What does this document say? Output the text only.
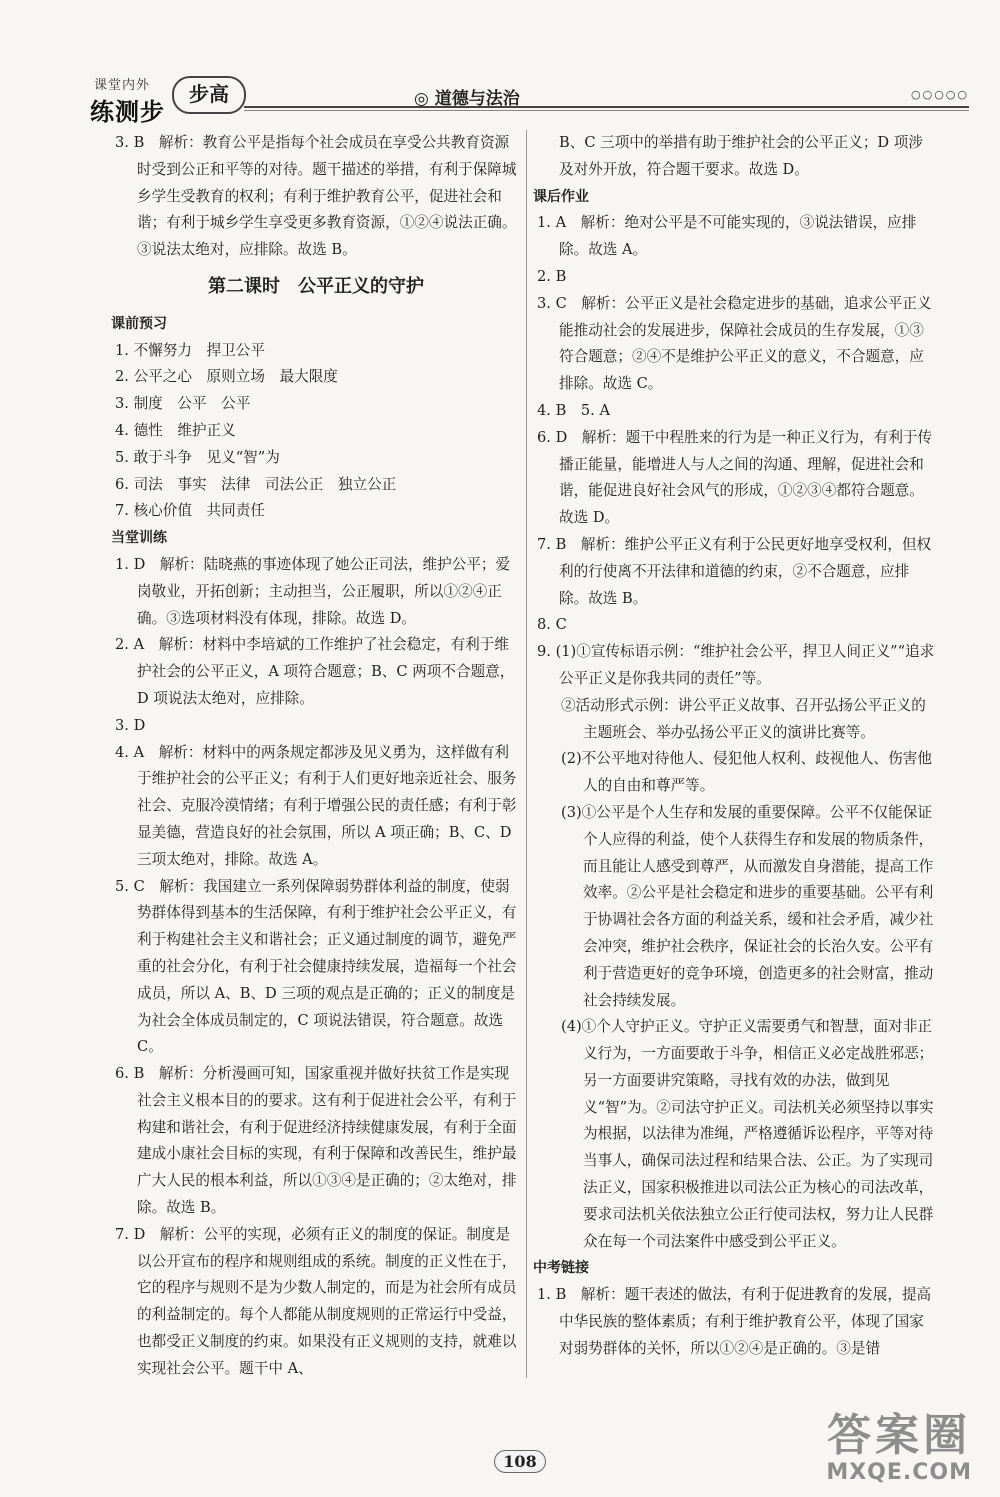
课堂内外
练测步
步高	◎ 道德与法治	○○○○○

3. B　解析：教育公平是指每个社会成员在享受公共教育资源时受到公正和平等的对待。题干描述的举措，有利于保障城乡学生受教育的权利；有利于维护教育公平，促进社会和谐；有利于城乡学生享受更多教育资源，①②④说法正确。③说法太绝对，应排除。故选 B。

第二课时　公平正义的守护

课前预习

1. 不懈努力　捍卫公平

2. 公平之心　原则立场　最大限度

3. 制度　公平　公平

4. 德性　维护正义

5. 敢于斗争　见义“智”为

6. 司法　事实　法律　司法公正　独立公正

7. 核心价值　共同责任

当堂训练

1. D　解析：陆晓燕的事迹体现了她公正司法，维护公平；爱岗敬业，开拓创新；主动担当，公正履职，所以①②④正确。③选项材料没有体现，排除。故选 D。

2. A　解析：材料中李培斌的工作维护了社会稳定，有利于维护社会的公平正义，A 项符合题意；B、C 两项不合题意，D 项说法太绝对，应排除。

3. D

4. A　解析：材料中的两条规定都涉及见义勇为，这样做有利于维护社会的公平正义；有利于人们更好地亲近社会、服务社会、克服冷漠情绪；有利于增强公民的责任感；有利于彰显美德，营造良好的社会氛围，所以 A 项正确；B、C、D 三项太绝对，排除。故选 A。

5. C　解析：我国建立一系列保障弱势群体利益的制度，使弱势群体得到基本的生活保障，有利于维护社会公平正义，有利于构建社会主义和谐社会；正义通过制度的调节，避免严重的社会分化，有利于社会健康持续发展，造福每一个社会成员，所以 A、B、D 三项的观点是正确的；正义的制度是为社会全体成员制定的，C 项说法错误，符合题意。故选 C。

6. B　解析：分析漫画可知，国家重视并做好扶贫工作是实现社会主义根本目的的要求。这有利于促进社会公平，有利于构建和谐社会，有利于促进经济持续健康发展，有利于全面建成小康社会目标的实现，有利于保障和改善民生，维护最广大人民的根本利益，所以①③④是正确的；②太绝对，排除。故选 B。

7. D　解析：公平的实现，必须有正义的制度的保证。制度是以公开宣布的程序和规则组成的系统。制度的正义性在于，它的程序与规则不是为少数人制定的，而是为社会所有成员的利益制定的。每个人都能从制度规则的正常运行中受益，也都受正义制度的约束。如果没有正义规则的支持，就难以实现社会公平。题干中 A、

B、C 三项中的举措有助于维护社会的公平正义；D 项涉及对外开放，符合题干要求。故选 D。

课后作业

1. A　解析：绝对公平是不可能实现的，③说法错误，应排除。故选 A。

2. B

3. C　解析：公平正义是社会稳定进步的基础，追求公平正义能推动社会的发展进步，保障社会成员的生存发展，①③符合题意；②④不是维护公平正义的意义，不合题意，应排除。故选 C。

4. B　5. A

6. D　解析：题干中程胜来的行为是一种正义行为，有利于传播正能量，能增进人与人之间的沟通、理解，促进社会和谐，能促进良好社会风气的形成，①②③④都符合题意。故选 D。

7. B　解析：维护公平正义有利于公民更好地享受权利，但权利的行使离不开法律和道德的约束，②不合题意，应排除。故选 B。

8. C

9. (1)①宣传标语示例：“维护社会公平，捍卫人间正义”“追求公平正义是你我共同的责任”等。

②活动形式示例：讲公平正义故事、召开弘扬公平正义的主题班会、举办弘扬公平正义的演讲比赛等。

(2)不公平地对待他人、侵犯他人权利、歧视他人、伤害他人的自由和尊严等。

(3)①公平是个人生存和发展的重要保障。公平不仅能保证个人应得的利益，使个人获得生存和发展的物质条件，而且能让人感受到尊严，从而激发自身潜能，提高工作效率。②公平是社会稳定和进步的重要基础。公平有利于协调社会各方面的利益关系，缓和社会矛盾，减少社会冲突，维护社会秩序，保证社会的长治久安。公平有利于营造更好的竞争环境，创造更多的社会财富，推动社会持续发展。

(4)①个人守护正义。守护正义需要勇气和智慧，面对非正义行为，一方面要敢于斗争，相信正义必定战胜邪恶；另一方面要讲究策略，寻找有效的办法，做到见义“智”为。②司法守护正义。司法机关必须坚持以事实为根据，以法律为准绳，严格遵循诉讼程序，平等对待当事人，确保司法过程和结果合法、公正。为了实现司法正义，国家积极推进以司法公正为核心的司法改革，要求司法机关依法独立公正行使司法权，努力让人民群众在每一个司法案件中感受到公平正义。

中考链接

1. B　解析：题干表述的做法，有利于促进教育的发展，提高中华民族的整体素质；有利于维护教育公平，体现了国家对弱势群体的关怀，所以①②④是正确的。③是错

108
答案圈
MXQE.COM
